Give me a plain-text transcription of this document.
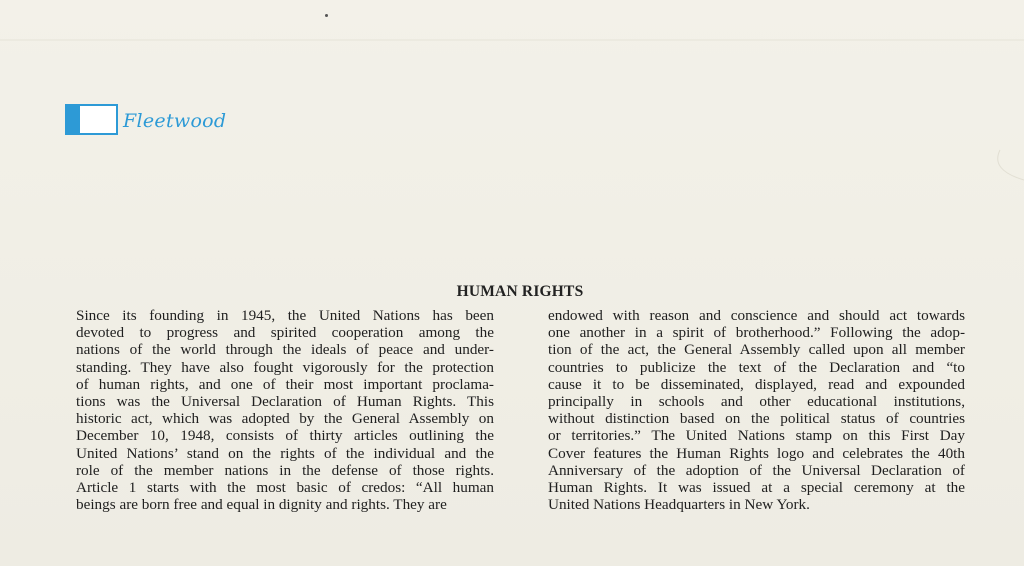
Fleetwood
HUMAN RIGHTS
Since its founding in 1945, the United Nations has been
devoted to progress and spirited cooperation among the
nations of the world through the ideals of peace and under-
standing. They have also fought vigorously for the protection
of human rights, and one of their most important proclama-
tions was the Universal Declaration of Human Rights. This
historic act, which was adopted by the General Assembly on
December 10, 1948, consists of thirty articles outlining the
United Nations’ stand on the rights of the individual and the
role of the member nations in the defense of those rights.
Article 1 starts with the most basic of credos: “All human
beings are born free and equal in dignity and rights. They are
endowed with reason and conscience and should act towards
one another in a spirit of brotherhood.” Following the adop-
tion of the act, the General Assembly called upon all member
countries to publicize the text of the Declaration and “to
cause it to be disseminated, displayed, read and expounded
principally in schools and other educational institutions,
without distinction based on the political status of countries
or territories.” The United Nations stamp on this First Day
Cover features the Human Rights logo and celebrates the 40th
Anniversary of the adoption of the Universal Declaration of
Human Rights. It was issued at a special ceremony at the
United Nations Headquarters in New York.
